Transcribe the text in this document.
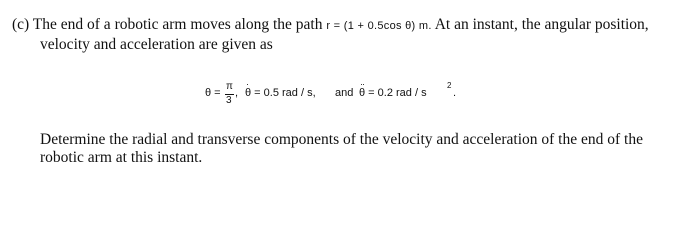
(c) The end of a robotic arm moves along the path r = (1 + 0.5cos θ) m. At an instant, the angular position,
velocity and acceleration are given as
θ =
π
3
,
·
θ = 0.5 rad / s, and
··
θ = 0.2 rad / s
2
.
Determine the radial and transverse components of the velocity and acceleration of the end of the
robotic arm at this instant.
